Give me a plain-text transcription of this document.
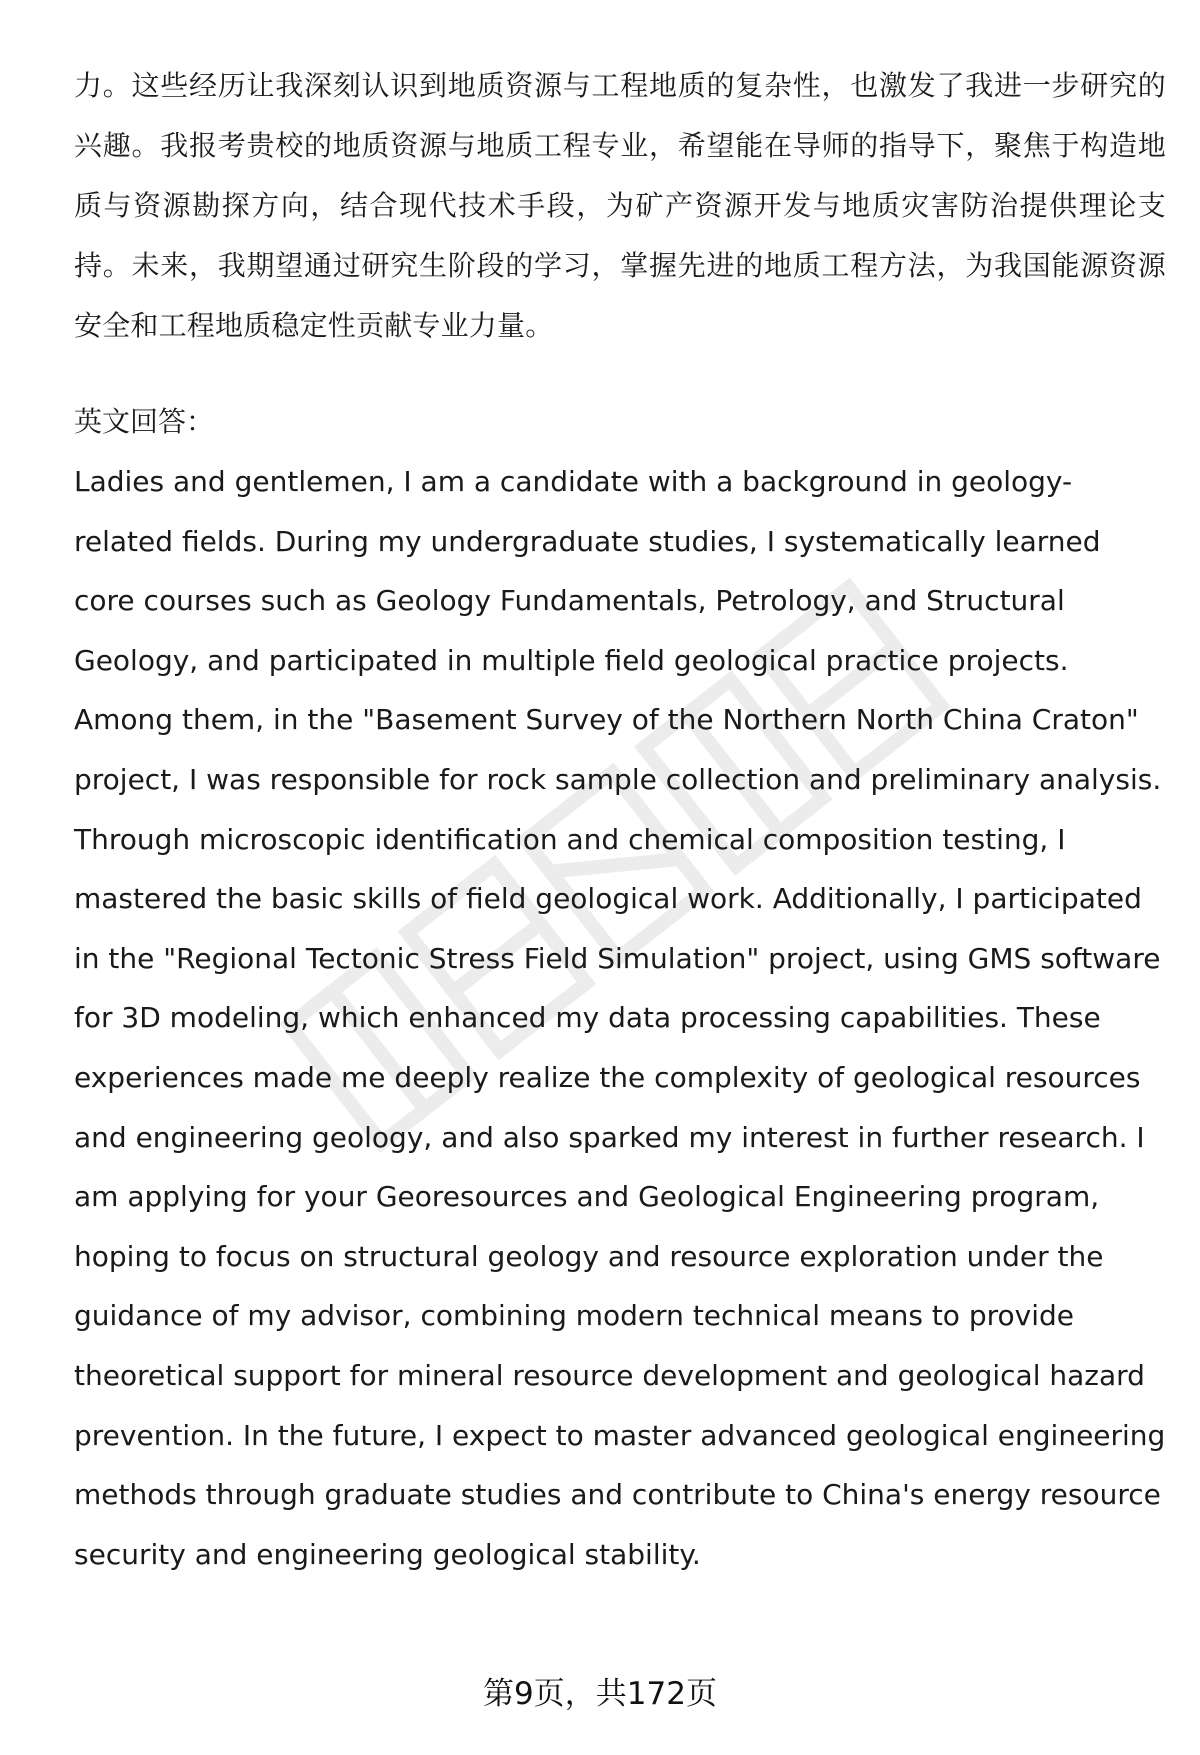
力。这些经历让我深刻认识到地质资源与工程地质的复杂性，也激发了我进一步研究的兴趣。我报考贵校的地质资源与地质工程专业，希望能在导师的指导下，聚焦于构造地质与资源勘探方向，结合现代技术手段，为矿产资源开发与地质灾害防治提供理论支持。未来，我期望通过研究生阶段的学习，掌握先进的地质工程方法，为我国能源资源安全和工程地质稳定性贡献专业力量。

英文回答：

Ladies and gentlemen, I am a candidate with a background in geology-related fields. During my undergraduate studies, I systematically learned core courses such as Geology Fundamentals, Petrology, and Structural Geology, and participated in multiple field geological practice projects. Among them, in the "Basement Survey of the Northern North China Craton" project, I was responsible for rock sample collection and preliminary analysis. Through microscopic identification and chemical composition testing, I mastered the basic skills of field geological work. Additionally, I participated in the "Regional Tectonic Stress Field Simulation" project, using GMS software for 3D modeling, which enhanced my data processing capabilities. These experiences made me deeply realize the complexity of geological resources and engineering geology, and also sparked my interest in further research. I am applying for your Georesources and Geological Engineering program, hoping to focus on structural geology and resource exploration under the guidance of my advisor, combining modern technical means to provide theoretical support for mineral resource development and geological hazard prevention. In the future, I expect to master advanced geological engineering methods through graduate studies and contribute to China's energy resource security and engineering geological stability.

第9页，共172页
